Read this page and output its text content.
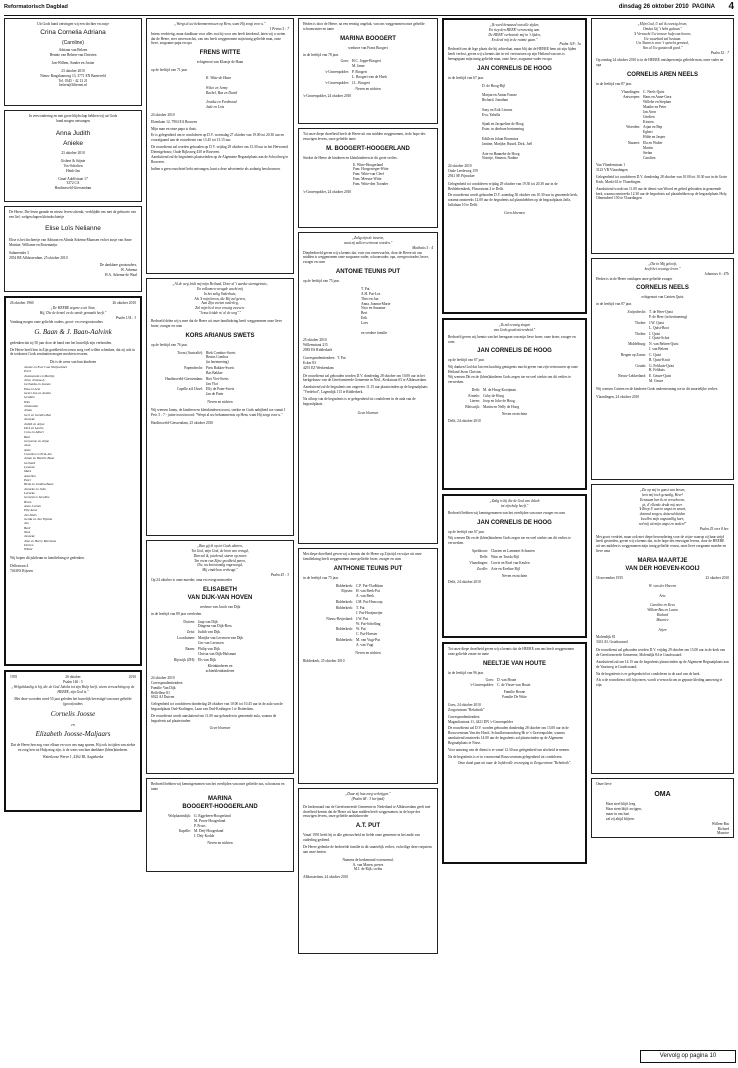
Reformatorisch Dagblad	dinsdag 26 oktober 2010 PAGINA	4
Uit Gods hand ontvingen wij een dochter en zusje
Crina Cornelia Adriana
(Caroline)
Adriaan van Belzen
Hennie van Belzen-van Driesten
Jan-Willem, Sander en Josine
23 oktober 2010
Nieuw Burgslaanweg 13, 3771 EN Barneveld
Tel. 0345 - 42 13 21
belzen@filternet.nl
In verwondering en met grote blijdschap hebben wij uit Gods hand mogen ontvangen
Anna Judith
Anieke
23 oktober 2010
Gisbert & Stijnie
Vos-Scholten
Henk-Jan
Graaf Adolfstraat 17
3372 CA
Hardinxveld-Giessendam
De Heere, Die lesen gaande en nieuw leven schenkt, verblijdde ons met de geboorte van een lief, welgeschapen kleindochtertje
Elise Loïs Nelianne
Elise is het dochtertje van Adriaan en Alinda Arkema-Maassen en het zusje van Anne Martine, Williame en Rosemarijn.
Sulamender 3
2954 BE Alblasserdam, 25 oktober 2010
De dankbare grootouders,
W. Arkema
H.A. Arkema-de Waal
26 oktober 1960	26 oktober 2010
„De HEERE zegene u uit Sion,
Hij, Die de hemel en de aarde gemaakt heeft."
Psalm 134 : 3
Vandaag mogen onze geliefde ouders, groot- en overgrootouders
G. Baan & J. Baan-Aalvink
gedenken dat zij 50 jaar door de band van het huwelijk zijn verbonden.
De Heere heeft hen in Zijn goedheid en trouw zorg veel willen schenken, dat zij ook in de toekomst Gods zentinaten mogen mochten ervaren.
Dit is de wens van hun kinderen
Jannie en Evert van Wolfswinkel
Evert
Joanneneke en Martijn
John, Jemma-ly
Gerharda en Lianne
Elsa en Arie
Geert-Jan en Annita
Gerdien
Wim
Johanneke
Johan
Gert en Gerdien Bal
Janneke
Judith en Arjan
Dirk en Laurie
Cora en Albert
Beni
Geryanne en Arjan
Jana
Anne
Carolien en Erik-Jan
Johan en Beatrix Baan
Gerhard
Lysanne
Mark
Annelien
Peter
Henk en Janitha Baan
Janneke en John
Leeneke
Gerard en Jacoline
Bram
Anne-Carien
Elly-Anne
Jan-Niels
Gerda en Jan Nijsink
Jan
Berd
Niek
Janneke
Juke en Harry Marsman
Dorien
Wiktor
Wij hopen dit jubileum in familiekring te gedenken.
Dellestraat 4
7461ES Rijssen
1955	26 oktober	2010
Psalm 146 : 5
„Welgelukzalig is hij, die de God Jakobs tot zijn Hulp heeft, wiens verwachting op de HEERE, zijn God is."
Met deze woorden werd 55 jaar geleden het huwelijk bevestigd van onze geliefde (groot)ouders
Cornelis Joosse
en
Elizabeth Joosse-Maljaars
Dat de Heere hen nog voor elkaar en voor ons mag sparen. Hij ook in tijden van ziekte en zorg hen tot Hulp mag zijn, is de wens van hun dankbare (klein)kinderen.
Waterlooze Werve 1, 4362 BL Aagtekerke
„Wergt al uw bekommernissen op Hem, want Hij zorgt voor u."
I Petrus 5 : 7
Intens verdrietig, maar dankbaar voor alles wat hij voor ons heeft betekend, laten wij u weten dat de Heere, zeer onverwachts, van ons heeft weggenomen mijn innig geliefde man, onze lieve, zorgzame papa en opa
FRENS WITTE
echtgenoot van Klaasje de Haan
op de leeftijd van 71 jaar.
K. Witte-de Haan

Wilco en Jenny
Rachel, Bas en David

Jessika en Ferdinand
Jade en Lois
24 oktober 2010
Elzenlaan 12, 7904 EA Bouwen
Mijn man en onze papa is thuis.
Er is gelegenheid om te condoleren op D.V. woensdag 27 oktober van 19.00 tot 20.30 uur en voorafgaand aan de rouwdienst van 13.45 tot 13.15 uur.
De rouwdienst zal worden gehouden op D.V. vrijdag 29 oktober om 13.30 uur in het Hervormd Dienstgebouw, Oude Rijksweg 430 te Rouveen.
Aansluitend zal de begrafenis plaatsvinden op de Algemene Begraafplaats aan de Schoolweg te Rouveen.
Indien u geen rouwbrief hebt ontvangen, kunt u deze advertentie als zodanig beschouwen.
„Al de weg leidt mij mijn Heiland, Door al 't aardse stormgetruis,
En volkomen vreugde wacht mij
In het zalig Vaderhuis;
Als 'k mijn kroon, die Hij zal geven,
Aan Zijn voeten nederleg,
Zal mijn lied voor eeuwig zweven:
"Jezus leidde m' al de weg"."
Bedroefd delen wij u mee dat de Heere uit onze familiekring heeft weggenomen onze lieve broer, zwager en oom
KORS ARIANUS SWETS
op de leeftijd van 76 jaar.
Toora (Australië): Riek Combos-Swets
Bertus Combos
(in herinnering)
Papendrecht: Piets Bakker-Swets
Bas Bakker
Hardinxveld-Giessendam: Riet Viet-Swets
Jan Vlot
Capelle a/d IJssel: Elly de Pater-Swets
Jan de Pater
Neven en nichten
Wij wensen Janny, de kinderen en kleinkinderen troost, sterkte en Gods nabijheid toe vanuit I Petr. 5 : 7 - juiste troostwoord: "Werpt al uw bekommernis op Hem, want Hij zorgt voor u."
Hardinxveld-Giessendam, 25 oktober 2010
„Ban gij ik op tot Gods altaren,
Tot God, mijn God, de bron van vreugd,
Dan zal ik, juichend, staren op zaren
Ten roem van Zijne goedheid paren,
Die, na kortstondig ongenoegd,
Mij eindeloos verheugt."
Psalm 43 : 3
Op 24 oktober is onze moeder, oma en overgrootmoeder
ELISABETH
VAN DIJK-VAN HOVEN
weduwe van Jacob van Dijk
in de leeftijd van 89 jaar overleden.
Duiven: Jaap van Dijk
Dingena van Dijk-Boss
Zeist: Judith van Dijk
Loosduinen: Marijke van Leeuwen-van Dijk
Ger van Leeuwen
Baarn: Philip van Dijk
Christa van Dijk-Hulsman
Rijswijk (ZH): Els van Dijk
Kleinkinderen en
achterkleinkinderen
24 oktober 2010
Correspondentieadres:
Familie Van Dijk
Bellefleur 81
6922 AJ Duiven
Gelegenheid tot condoleren donderdag 28 oktober van 10.00 tot 10.45 uur in de aula van de begraafplaats Oud-Kralingen, Laan van Oud-Kralingen 1 te Rotterdam.
De rouwdienst wordt aansluitend om 11.00 uur gehouden in genoemde aula, waarna de begrafenis zal plaatsvinden.
Geen bloemen
Bedroefd hebben wij kennisgenomen van het overlijden van onze geliefde zus, schoonzus en tante
MARINA
BOOGERT-HOOGERLAND
Wolphaartsdijk: G. Eggebeen-Hoogerland
M. Proos-Hoogerland
P. Proos
Kapelle: M. Deij-Hoogerland
J. Deij-Kodde
Neven en nichten
Heden is door de Heere, na een eenstig ongeluk, van ons weggenomen onze geliefde schoonzuster en tante
MARINA BOOGERT
weduwe van Frans Boogert
in de leeftijd van 78 jaar.
Goes: H.C. Joppe-Boogert
M. Janse
's-Gravenpolder: P. Boogert
L. Boogert-van de Hoek
's-Gravenpolder: J.L. Boogert
Neven en nichten
's-Gravenpolder, 24 oktober 2010
Tot onze diepe droefheid heeft de Heere uit ons midden weggenomen, in de hope des eeuwigen levens, onze geliefde tante
M. BOOGERT-HOOGERLAND
Sterkte de Heere de kinderen en kleinkinderen in dit grote verlies.
E. Witte-Hoogerland
Fam. Hoogeweger-Witte
Fam. Witte-van Cleef
Fam. Meeuse-Witte
Fam. Witte-den Toonder
's-Gravenpolder, 24 oktober 2010
„Zalig zijn de treuren,
want zij zullen vertroost worden."
Mattheüs 5 : 4
Diepbedroefd geven wij u kennis dat, voor ons onverwachts, door de Heere uit ons midden is weggenomen onze zorgzame vader, schoonvader, opa, overgrootvader, broer, zwager en oom
ANTONIE TEUNIS PUT
op de leeftijd van 75 jaar.
T. Put
A.H. Put-Los
Theo en Jan
Anna, Joanna-Marie
Nico en Suzanne
Bert
Erik
Loes

en verdere familie
25 oktober 2010
Willemstraat 215
2983 ES Ridderkerk
Correspondentieadres:  T. Put
Ecker 83
4291 EZ Werkendam
De rouwdienst zal gehouden worden D.V. donderdag 28 oktober om 10.00 uur in het kerkgebouw van de Gereformeerde Gemeente in Ned., Kerkstraat 63 te Alblasserdam.
Aansluitend zal de begrafenis om ongeveer 11.15 uur plaatsvinden op de begraafplaats "Vredehof", Lagendijk 113 te Ridderkerk.
Na afloop van de begrafenis is er gelegenheid tot condoleren in de aula van de begraafplaats.
Geen bloemen
Met diepe droefheid geven wij u kennis dat de Heere op Zijn tijd en wijze uit onze familiekring heeft weggenomen onze geliefde broer, zwager en oom
ANTHONIE TEUNIS PUT
in de leeftijd van 75 jaar.
Ridderkerk: C.P. Put-Vladblom
Rijssen: H. van Beek-Put
A. van Beek
Ridderkerk: J.M. Put-Honcoop
Ridderkerk: T. Put
J. Put-Hooijmeijer
Nieuw-Beijerland: J.W. Put
W. Put-Schelling
Ridderkerk: W. Put
C. Put-Hoester
Ridderkerk: M. van Vugt-Put
A. van Vugt
Neven en nichten
Ridderkerk, 25 oktober 2010
„Daar zij hun zorg verkrijgen."
(Psalm 68 : 3 berijmd)
De kerkenraad van de Gereformeerde Gemeente in Nederland te Alblasserdam geeft met droefheid kennis dat de Heere uit haar midden heeft weggenomen, in de hope des eeuwigen levens, onze geliefde ambtsbroeder
A.T. PUT
Vanaf 1991 heeft hij in alle getrouwheid en liefde onze gemeente in het ambt van ouderling gediend.
De Heere gedenke de bedroefde familie in dit smartelijk verlies, en heilige deze roepstem aan onze harten.
Namens de kerkenraad voornoemd,
A. van Maren, preses
M.J. de Rijk, scriba
Alblasserdam, 24 oktober 2010
„Ik werd benauwd van alle zijden,
En riep den HEER' verwoestig aan.
De HEER' verhoorde mij in 't lijden,
En deed mij in de ruimte gaan."
Psalm 118 : 3a
Bedroefd om de lege plaats die hij achterlaat, maar blij dat de HEERE hem uit zijn lijden heeft verlost, geven wij u kennis dat in vol vertrouwen op zijn Heiland van ons is heengegaan mijn innig geliefde man, onze lieve, zorgzame vader en opa
JAN CORNELIS DE HOOG
in de leeftijd van 67 jaar.
D. de Hoog-Bijl

Marjan en Anton Faasse
Richard, Jonathan

Suzy en Erik Lissens
Eva, Yabella

Sjaak en Jacqueline de Hoog
Ester, in dierbare herinnering

Edith en Johan Boomstra
Jantine, Marijke, Ruurd, Dirk, Joël

Arie en Hanneke de Hoog
Noortje, Simeon, Nadine
24 oktober 2010
Oude Leedeweg 159
2941 SE Pijnacker
Gelegenheid tot condoleren vrijdag 29 oktober van 19.30 tot 20.30 uur in de Bethlehemkerk, Fluwestraat 2 te Delft.
De rouwdienst wordt gehouden D.V. zaterdag 30 oktober om 10.30 uur in genoemde kerk, waarna omstreeks 12.00 uur de begrafenis zal plaatshebben op de begraafplaats Jaffa, Jaffalaan 10 te Delft.
Geen bloemen
„Ik zal eeuwig zingen
van Gods goedertierenheid."
Bedroefd geven wij kennis van het heengaan van mijn lieve broer, onze broer, zwager en oom
JAN CORNELIS DE HOOG
op de leeftijd van 67 jaar.
Wij danken God dat Jan een krachtig getuigenis mocht geven van zijn vertrouwen op onze Heiland Jezus Christus.
Wij wensen Dit en de (klein)kinderen Gods zegen toe en veel sterkte om dit verlies te verwerken.
Delft: M. de Hoog-Kooijman
Ermelo: Coby de Hoog
Lieren: Joop en Joke de Hoog
Bleiswijk: Martin en Nelly de Hoog
Neven en nichten
Delft, 24 oktober 2010
„Zalig is hij die de God van Jakob
tot zijn hulp heeft."
Bedroefd hebben wij kennisgenomen van het overlijden van onze zwager en oom
JAN CORNELIS DE HOOG
op de leeftijd van 67 jaar.
Wij wensen Dit en de (klein)kinderen Gods zegen toe en veel sterkte om dit verlies te verwerken.
Apeldoorn: Clazien en Lammert Schouten
Delft: Wim en Truida Bijl
Vlaardingen: Corrie en Roel van Keulen
Zwolle: Arie en Eveline Bijl
Neven en nichten
Delft, 24 oktober 2010
Tot onze diepe droefheid geven wij u kennis dat de HEERE van ons heeft weggenomen onze geliefde zuster en tante
NEELTJE VAN HOUTE
in de leeftijd van 96 jaar.
Goes: D. van Houte
's-Gravenpolder: C. de Visser-van Houte
Familie Boone
Familie De Witte
Goes, 24 oktober 2010
Zorgcentrum "Rehoboth"
Correspondentieadres:
Magnoliastraat 11, 4421 DN 's-Gravenpolder
De rouwdienst zal D.V. worden gehouden donderdag 28 oktober om 13.00 uur in de Rouwcentrum Van der Hooft, Schoolkreuzondweg 8b te 's-Gravenpolder, waarna aansluitend omstreeks 14.00 uur de begrafenis zal plaatsvinden op de Algemene Begraafplaats te Nisse.
Voor aanvang van de dienst is er vanaf 12.30 uur gelegenheid om afscheid te nemen.
Na de begrafenis is er in voornoemd Rouwcentrum gelegenheid tot condoleren.
Onze dank gaat uit naar de liefdevolle verzorging in Zorgcentrum "Rehoboth".
„Mijn God, U zal ik eeuwig loven,
Omdat Gij 't hebt gedaan."
'k Verwacht Uw trouwe hulp van boven;
Uw waarheid zal bestaan.
Uw Naam is voor 't oprecht gemoed,
Van al Uw gunstvolk goed."
Psalm 52 : 7
Op zondag 24 oktober 2010 is in de HEERE ontslapen mijn geliefde man, onze vader en opa
CORNELIS AREN NEELS
in de leeftijd van 87 jaar.
Vlaardingen: C. Neels-Quist
Antwerpen: Hans en Anne-Gera
Willebe en Stephan
Maaike en Peter
Jan Aron
Gerdien
Kirsten
Woerden: Arjan en Bep
Egbert
Hilde en Jasper
Nazaret: Ela en Walter
Martin
Stefan
Carolien
Van Vlandenstraat 1
3123 VR Vlaardingen
Gelegenheid tot condoleren D.V. donderdag 28 oktober van 10.00 tot 10.30 uur in de Grote Kerk, Markt 63 te Vlaardingen.
Aansluitend wordt om 11.00 uur de dienst van Woord en gebed gehouden in genoemde kerk, waarna omstreeks 12.30 uur de begrafenis zal plaatshebben op de begraafplaats Holy, Olmendreef 150 te Vlaardingen.
„Die in Mij gelooft,
heeft het eeuwige leven."
Johannes 6 : 47b
Heden is in de Heere ontslapen onze geliefde zwager
CORNELIS NEELS
echtgenoot van Catrien Quist
in de leeftijd van 87 jaar.
Zwijndrecht: T. de Heer-Quist
P. de Heer (in herinnering)
Tholen: J.W. Quist
L. Quist-Boot
Tholen: J. Quist
J. Quist-Schot
Middelburg: N. van Belzen-Quist
J. van Belzen
Bergen op Zoom: C. Quist
B. Quist-Kruit
Gouda: G. Feltkuis-Quist
B. Feltkuis
Nieuw-Lekkerland: E. Geuze-Quist
M. Geuze
Wij wensen Catrien en de kinderen Gods ondersteuning toe in dit smartelijke verlies.
Vlaardingen, 24 oktober 2010
„Zie op mij in gunst van boven,
leen mij toch genadig, Heer!
Eenzaam ben ik en verschoven,
ja, d' ellende drukt mij neer.
'k Roep U aan in angst en smart,
doizend zorgen, duizend duiden
kwellen mijn angstvallig hart;
red mij uit mijn angst en noden!"
Psalm 25 vers 8 ber.
Met groot verdriet, maar ook met diepe bewondering voor de wijze waarop zij haar strijd heeft gestreden, geven wij u kennis dat, in de hope des eeuwigen levens, door de HEERE uit ons midden is weggenomen mijn innig geliefde vrouw, onze lieve zorgzame moeder en lieve oma
MARIA MAARTJE
VAN DER HOEVEN-KOOIJ
16 november 1935	23 oktober 2010
W. van der Hoeven

Arie

Caroline en Kees
Willem-Bas en Laura
Richard
Maurice

Arjen
Molendijk 81
3361 AL Goudswaard
De rouwdienst zal gehouden worden D.V. vrijdag 29 oktober om 13.00 uur in de kerk van de Gereformeerde Gemeente, Molendijk 84 te Goudswaard.
Aansluitend zal om 14.15 uur de begrafenis plaatsvinden op de Algemene Begraafplaats aan de Vaartweg te Goudswaard.
Na de begrafenis is er gelegenheid tot condoleren in de zaal van de kerk.
Als u de rouwdienst wilt bijwonen, wordt u verzocht om in gepaste kleding aanwezig te zijn.
Onze lieve
OMA
Haar steel blijft leeg
Haar stem blijft zwijgen,
maar in ons hart
zal zij altijd blijven.
Willem-Bas
Richard
Maurice
Vervolg op pagina 10
